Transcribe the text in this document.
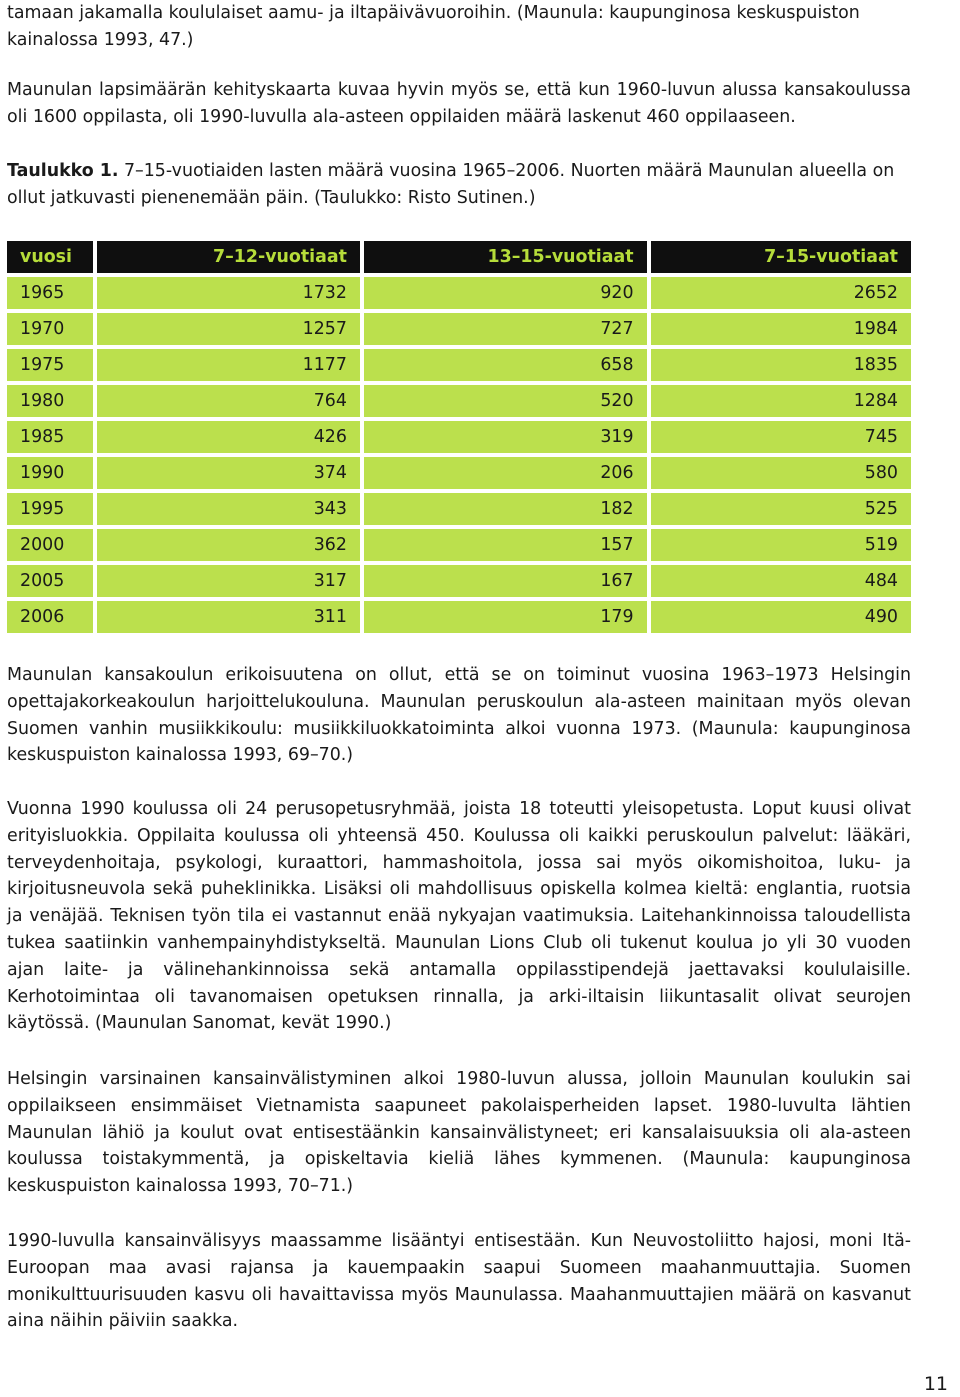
tamaan jakamalla koululaiset aamu- ja iltapäivävuoroihin. (Maunula: kaupunginosa keskuspuiston
kainalossa 1993, 47.)

Maunulan lapsimäärän kehityskaarta kuvaa hyvin myös se, että kun 1960-luvun alussa kansakoulussa oli 1600 oppilasta, oli 1990-luvulla ala-asteen oppilaiden määrä laskenut 460 oppilaaseen.

Taulukko 1. 7–15-vuotiaiden lasten määrä vuosina 1965–2006. Nuorten määrä Maunulan alueella on ollut jatkuvasti pienenemään päin. (Taulukko: Risto Sutinen.)

vuosi	7–12-vuotiaat	13–15-vuotiaat	7–15-vuotiaat
1965	1732	920	2652
1970	1257	727	1984
1975	1177	658	1835
1980	764	520	1284
1985	426	319	745
1990	374	206	580
1995	343	182	525
2000	362	157	519
2005	317	167	484
2006	311	179	490

Maunulan kansakoulun erikoisuutena on ollut, että se on toiminut vuosina 1963–1973 Helsingin opettajakorkeakoulun harjoittelukouluna. Maunulan peruskoulun ala-asteen mainitaan myös olevan Suomen vanhin musiikkikoulu: musiikkiluokkatoiminta alkoi vuonna 1973. (Maunula: kaupunginosa keskuspuiston kainalossa 1993, 69–70.)

Vuonna 1990 koulussa oli 24 perusopetusryhmää, joista 18 toteutti yleisopetusta. Loput kuusi olivat erityisluokkia. Oppilaita koulussa oli yhteensä 450. Koulussa oli kaikki peruskoulun palvelut: lääkäri, terveydenhoitaja, psykologi, kuraattori, hammashoitola, jossa sai myös oikomishoitoa, luku- ja kirjoitusneuvola sekä puheklinikka. Lisäksi oli mahdollisuus opiskella kolmea kieltä: englantia, ruotsia ja venäjää. Teknisen työn tila ei vastannut enää nykyajan vaatimuksia. Laitehankinnoissa taloudellista tukea saatiinkin vanhempainyhdistykseltä. Maunulan Lions Club oli tukenut koulua jo yli 30 vuoden ajan laite- ja välinehankinnoissa sekä antamalla oppilasstipendejä jaettavaksi koululaisille. Kerhotoimintaa oli tavanomaisen opetuksen rinnalla, ja arki-iltaisin liikuntasalit olivat seurojen käytössä. (Maunulan Sanomat, kevät 1990.)

Helsingin varsinainen kansainvälistyminen alkoi 1980-luvun alussa, jolloin Maunulan koulukin sai oppilaikseen ensimmäiset Vietnamista saapuneet pakolaisperheiden lapset. 1980-luvulta lähtien Maunulan lähiö ja koulut ovat entisestäänkin kansainvälistyneet; eri kansalaisuuksia oli ala-asteen koulussa toistakymmentä, ja opiskeltavia kieliä lähes kymmenen. (Maunula: kaupunginosa keskuspuiston kainalossa 1993, 70–71.)

1990-luvulla kansainvälisyys maassamme lisääntyi entisestään. Kun Neuvostoliitto hajosi, moni Itä-Euroopan maa avasi rajansa ja kauempaakin saapui Suomeen maahanmuuttajia. Suomen monikulttuurisuuden kasvu oli havaittavissa myös Maunulassa. Maahanmuuttajien määrä on kasvanut aina näihin päiviin saakka.

11
